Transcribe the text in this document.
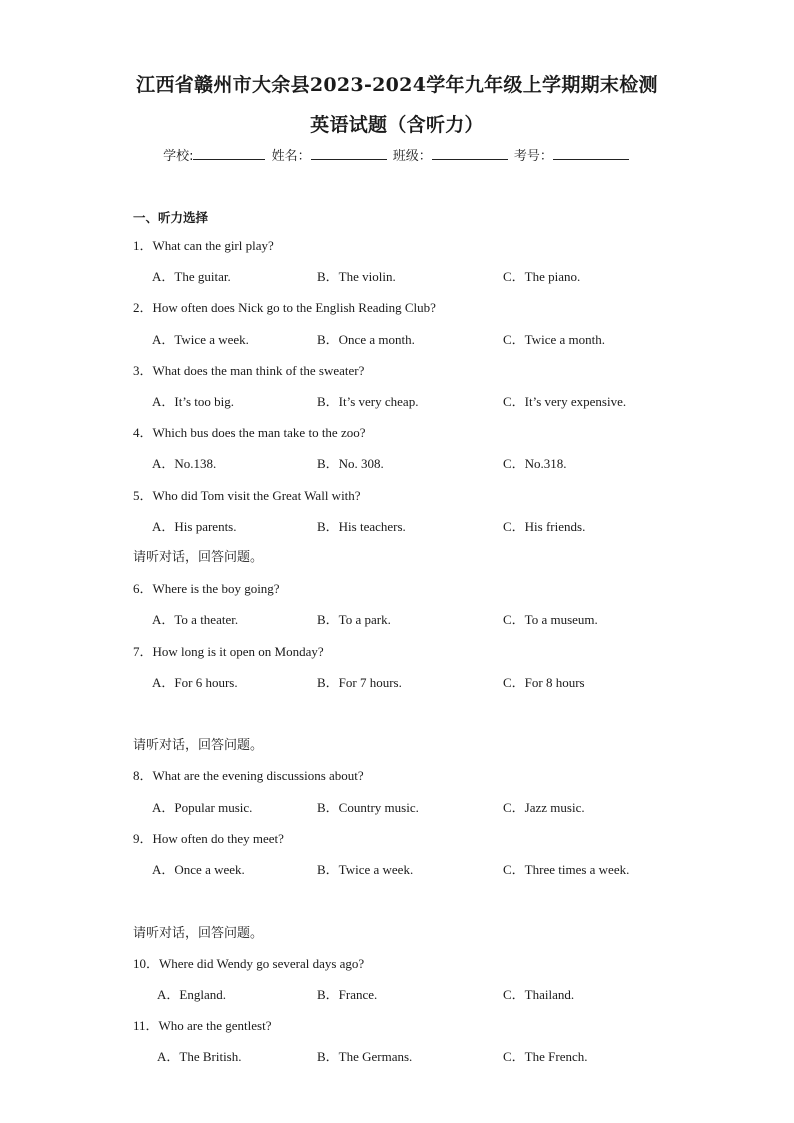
江西省赣州市大余县2023-2024学年九年级上学期期末检测
英语试题（含听力）
学校:	姓名：	班级：	考号：
一、听力选择
1．What can the girl play?
A．The guitar.	B．The violin.	C．The piano.
2．How often does Nick go to the English Reading Club?
A．Twice a week.	B．Once a month.	C．Twice a month.
3．What does the man think of the sweater?
A．It’s too big.	B．It’s very cheap.	C．It’s very expensive.
4．Which bus does the man take to the zoo?
A．No.138.	B．No. 308.	C．No.318.
5．Who did Tom visit the Great Wall with?
A．His parents.	B．His teachers.	C．His friends.
请听对话，回答问题。
6．Where is the boy going?
A．To a theater.	B．To a park.	C．To a museum.
7．How long is it open on Monday?
A．For 6 hours.	B．For 7 hours.	C．For 8 hours
请听对话，回答问题。
8．What are the evening discussions about?
A．Popular music.	B．Country music.	C．Jazz music.
9．How often do they meet?
A．Once a week.	B．Twice a week.	C．Three times a week.
请听对话，回答问题。
10．Where did Wendy go several days ago?
A．England.	B．France.	C．Thailand.
11．Who are the gentlest?
A．The British.	B．The Germans.	C．The French.
